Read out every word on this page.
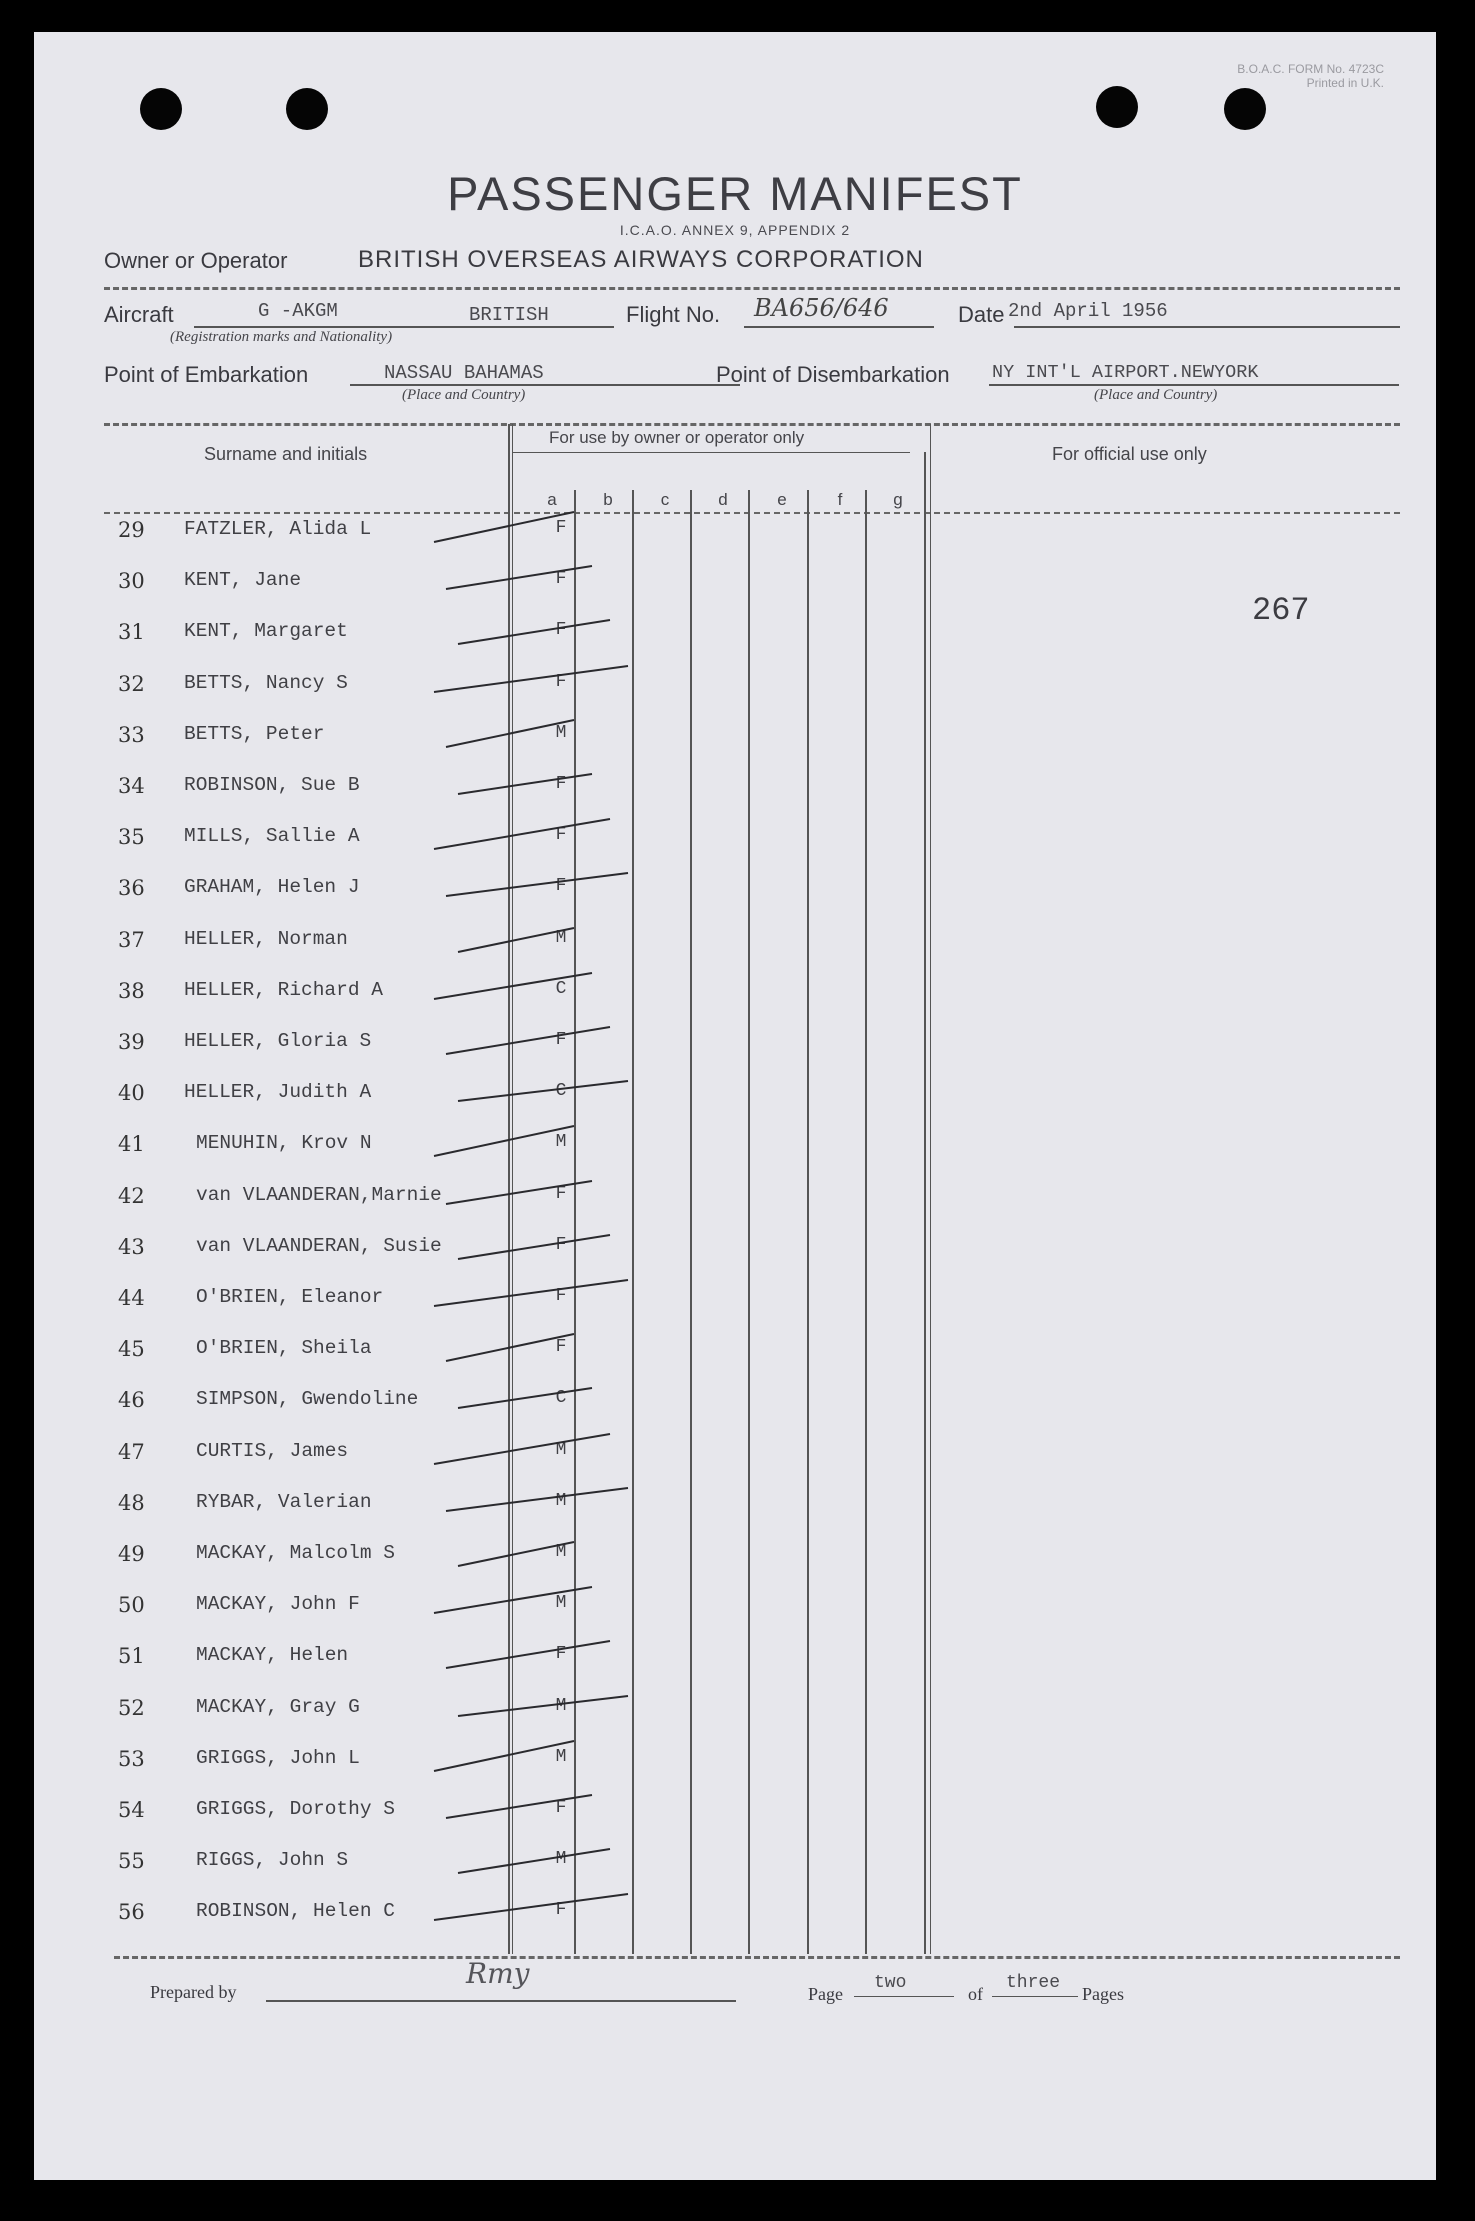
B.O.A.C. FORM No. 4723C
Printed in U.K.
PASSENGER MANIFEST
I.C.A.O. ANNEX 9, APPENDIX 2
Owner or Operator	BRITISH OVERSEAS AIRWAYS CORPORATION
Aircraft	G -AKGM	BRITISH
(Registration marks and Nationality)
Flight No. BA656/646	Date 2nd April 1956
Point of Embarkation	NASSAU BAHAMAS
(Place and Country)
Point of Disembarkation NY INT'L AIRPORT.NEWYORK
(Place and Country)
Surname and initials
For use by owner or operator only
For official use only
a	b	c	d	e	f	g
267
29 FATZLER, Alida L	F
30 KENT, Jane	F
31 KENT, Margaret	F
32 BETTS, Nancy S	F
33 BETTS, Peter	M
34 ROBINSON, Sue B	F
35 MILLS, Sallie A	F
36 GRAHAM, Helen J	F
37 HELLER, Norman	M
38 HELLER, Richard A	C
39 HELLER, Gloria S	F
40 HELLER, Judith A	C
41	MENUHIN, Krov N	M
42	van VLAANDERAN,Marnie	F
43	van VLAANDERAN, Susie	F
44	O'BRIEN, Eleanor	F
45	O'BRIEN, Sheila	F
46	SIMPSON, Gwendoline	C
47	CURTIS, James	M
48	RYBAR, Valerian	M
49	MACKAY, Malcolm S	M
50	MACKAY, John F	M
51	MACKAY, Helen	F
52	MACKAY, Gray G	M
53	GRIGGS, John L	M
54	GRIGGS, Dorothy S	F
55	RIGGS, John S	M
56	ROBINSON, Helen C	F
Prepared by
Rmy
Page
two
of
three
Pages
